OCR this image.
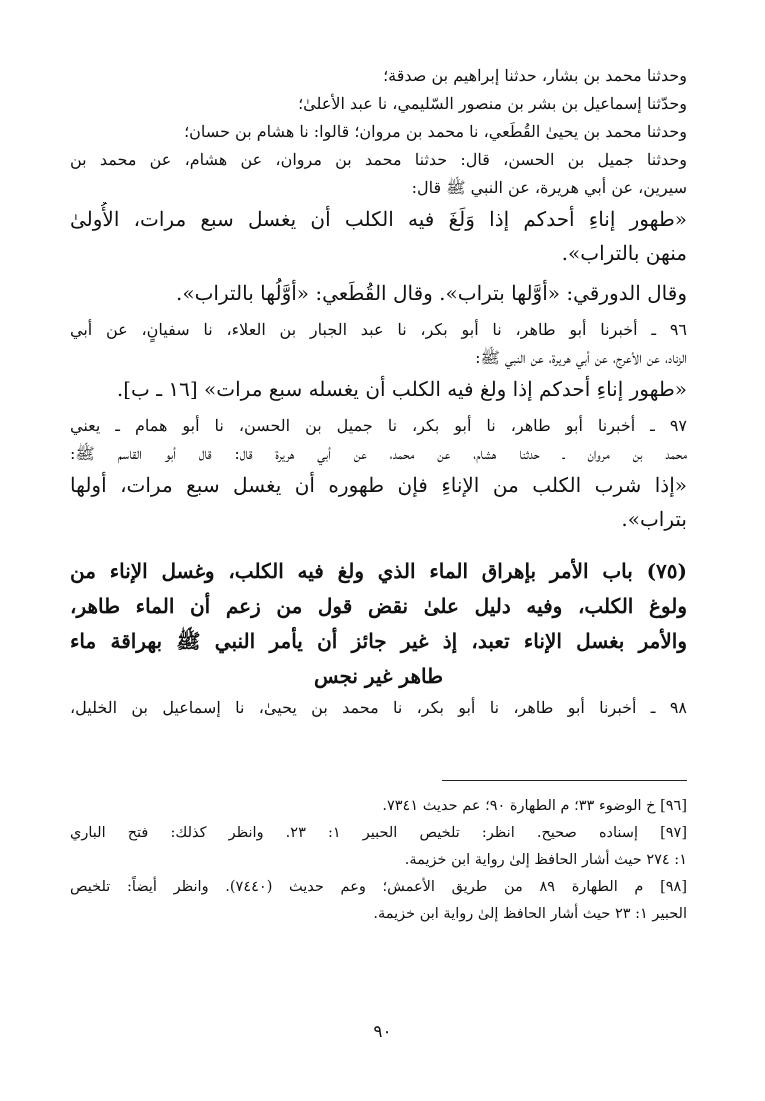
وحدثنا محمد بن بشار، حدثنا إبراهيم بن صدقة؛
وحدّثنا إسماعيل بن بشر بن منصور السّليمي، نا عبد الأعلىٰ؛
وحدثنا محمد بن يحيىٰ القُطَعي، نا محمد بن مروان؛ قالوا: نا هشام بن حسان؛
وحدثنا جميل بن الحسن، قال: حدثنا محمد بن مروان، عن هشام، عن محمد بن
سيرين، عن أبي هريرة، عن النبي ﷺ قال:
«طهور إناءِ أحدكم إذا وَلَغَ فيه الكلب أن يغسل سبع مرات، الأُولىٰ
منهن بالتراب».
وقال الدورقي: «أوَّلها بتراب». وقال القُطَعي: «أوَّلُها بالتراب».
٩٦ ـ أخبرنا أبو طاهر، نا أبو بكر، نا عبد الجبار بن العلاء، نا سفيانٍ، عن أبي
الزناد، عن الأعرج، عن أبي هريرة، عن النبي ﷺ:
«طهور إناءِ أحدكم إذا ولغ فيه الكلب أن يغسله سبع مرات» [١٦ ـ ب].
٩٧ ـ أخبرنا أبو طاهر، نا أبو بكر، نا جميل بن الحسن، نا أبو همام ـ يعني
محمد بن مروان ـ حدثنا هشام، عن محمد، عن أبي هريرة قال: قال أبو القاسم ﷺ:
«إذا شرب الكلب من الإناءِ فإن طهوره أن يغسل سبع مرات، أولها
بتراب».
(٧٥) باب الأمر بإهراق الماء الذي ولغ فيه الكلب، وغسل الإناء من
ولوغ الكلب، وفيه دليل علىٰ نقض قول من زعم أن الماء طاهر،
والأمر بغسل الإناء تعبد، إذ غير جائز أن يأمر النبي ﷺ بهراقة ماء
طاهر غير نجس
٩٨ ـ أخبرنا أبو طاهر، نا أبو بكر، نا محمد بن يحيىٰ، نا إسماعيل بن الخليل،
[٩٦] خ الوضوء ٣٣؛ م الطهارة ٩٠؛ عم حديث ٧٣٤١.
[٩٧] إسناده صحيح. انظر: تلخيص الحبير ١: ٢٣. وانظر كذلك: فتح الباري
١: ٢٧٤ حيث أشار الحافظ إلىٰ رواية ابن خزيمة.
[٩٨] م الطهارة ٨٩ من طريق الأعمش؛ وعم حديث (٧٤٤٠). وانظر أيضاً: تلخيص
الحبير ١: ٢٣ حيث أشار الحافظ إلىٰ رواية ابن خزيمة.
٩٠
